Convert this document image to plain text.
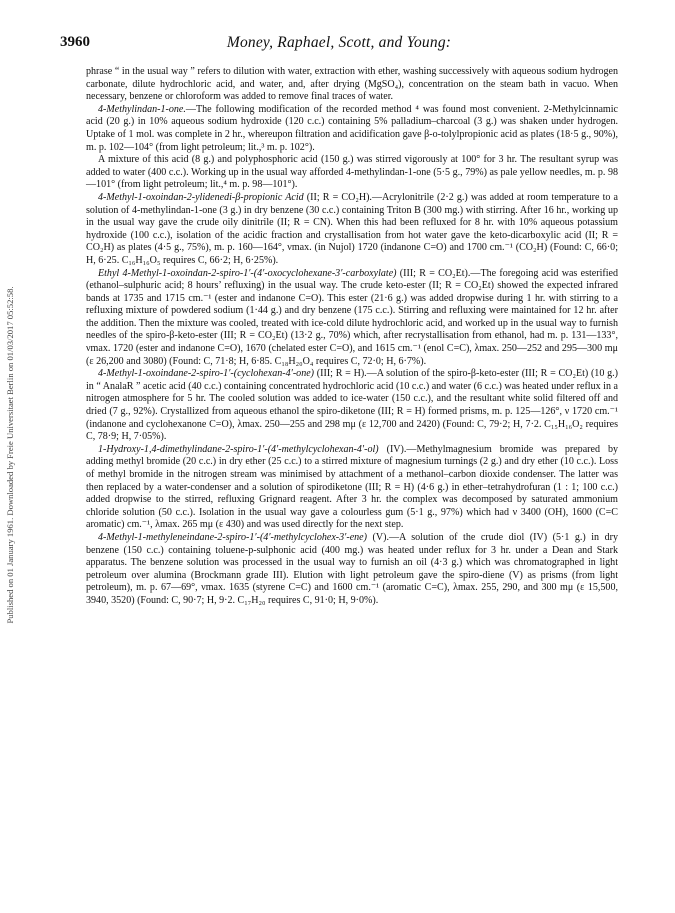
Published on 01 January 1961. Downloaded by Freie Universitaet Berlin on 01/03/2017 05:52:58.
3960	Money, Raphael, Scott, and Young:

phrase “ in the usual way ” refers to dilution with water, extraction with ether, washing successively with aqueous sodium hydrogen carbonate, dilute hydrochloric acid, and water, and, after drying (MgSO₄), concentration on the steam bath in vacuo. When necessary, benzene or chloroform was added to remove final traces of water.

4-Methylindan-1-one.—The following modification of the recorded method ⁴ was found most convenient. 2-Methylcinnamic acid (20 g.) in 10% aqueous sodium hydroxide (120 c.c.) containing 5% palladium–charcoal (3 g.) was shaken under hydrogen. Uptake of 1 mol. was complete in 2 hr., whereupon filtration and acidification gave β-o-tolylpropionic acid as plates (18·5 g., 90%), m. p. 102—104° (from light petroleum; lit.,³ m. p. 102°).

A mixture of this acid (8 g.) and polyphosphoric acid (150 g.) was stirred vigorously at 100° for 3 hr. The resultant syrup was added to water (400 c.c.). Working up in the usual way afforded 4-methylindan-1-one (5·5 g., 79%) as pale yellow needles, m. p. 98—101° (from light petroleum; lit.,⁴ m. p. 98—101°).

4-Methyl-1-oxoindan-2-ylidenedi-β-propionic Acid (II; R = CO₂H).—Acrylonitrile (2·2 g.) was added at room temperature to a solution of 4-methylindan-1-one (3 g.) in dry benzene (30 c.c.) containing Triton B (300 mg.) with stirring. After 16 hr., working up in the usual way gave the crude oily dinitrile (II; R = CN). When this had been refluxed for 8 hr. with 10% aqueous potassium hydroxide (100 c.c.), isolation of the acidic fraction and crystallisation from hot water gave the keto-dicarboxylic acid (II; R = CO₂H) as plates (4·5 g., 75%), m. p. 160—164°, νmax. (in Nujol) 1720 (indanone C=O) and 1700 cm.⁻¹ (CO₂H) (Found: C, 66·0; H, 6·25. C₁₆H₁₆O₅ requires C, 66·2; H, 6·25%).

Ethyl 4-Methyl-1-oxoindan-2-spiro-1′-(4′-oxocyclohexane-3′-carboxylate) (III; R = CO₂Et).—The foregoing acid was esterified (ethanol–sulphuric acid; 8 hours’ refluxing) in the usual way. The crude keto-ester (II; R = CO₂Et) showed the expected infrared bands at 1735 and 1715 cm.⁻¹ (ester and indanone C=O). This ester (21·6 g.) was added dropwise during 1 hr. with stirring to a refluxing mixture of powdered sodium (1·44 g.) and dry benzene (175 c.c.). Stirring and refluxing were maintained for 12 hr. after the addition. Then the mixture was cooled, treated with ice-cold dilute hydrochloric acid, and worked up in the usual way to furnish needles of the spiro-β-keto-ester (III; R = CO₂Et) (13·2 g., 70%) which, after recrystallisation from ethanol, had m. p. 131—133°, νmax. 1720 (ester and indanone C=O), 1670 (chelated ester C=O), and 1615 cm.⁻¹ (enol C=C), λmax. 250—252 and 295—300 mμ (ε 26,200 and 3080) (Found: C, 71·8; H, 6·85. C₁₈H₂₀O₄ requires C, 72·0; H, 6·7%).

4-Methyl-1-oxoindane-2-spiro-1′-(cyclohexan-4′-one) (III; R = H).—A solution of the spiro-β-keto-ester (III; R = CO₂Et) (10 g.) in “ AnalaR ” acetic acid (40 c.c.) containing concentrated hydrochloric acid (10 c.c.) and water (6 c.c.) was heated under reflux in a nitrogen atmosphere for 5 hr. The cooled solution was added to ice-water (150 c.c.), and the resultant white solid filtered off and dried (7 g., 92%). Crystallized from aqueous ethanol the spiro-diketone (III; R = H) formed prisms, m. p. 125—126°, ν 1720 cm.⁻¹ (indanone and cyclohexanone C=O), λmax. 250—255 and 298 mμ (ε 12,700 and 2420) (Found: C, 79·2; H, 7·2. C₁₅H₁₆O₂ requires C, 78·9; H, 7·05%).

1-Hydroxy-1,4-dimethylindane-2-spiro-1′-(4′-methylcyclohexan-4′-ol) (IV).—Methylmagnesium bromide was prepared by adding methyl bromide (20 c.c.) in dry ether (25 c.c.) to a stirred mixture of magnesium turnings (2 g.) and dry ether (10 c.c.). Loss of methyl bromide in the nitrogen stream was minimised by attachment of a methanol–carbon dioxide condenser. The latter was then replaced by a water-condenser and a solution of spirodiketone (III; R = H) (4·6 g.) in ether–tetrahydrofuran (1 : 1; 100 c.c.) added dropwise to the stirred, refluxing Grignard reagent. After 3 hr. the complex was decomposed by saturated ammonium chloride solution (50 c.c.). Isolation in the usual way gave a colourless gum (5·1 g., 97%) which had ν 3400 (OH), 1600 (C=C aromatic) cm.⁻¹, λmax. 265 mμ (ε 430) and was used directly for the next step.

4-Methyl-1-methyleneindane-2-spiro-1′-(4′-methylcyclohex-3′-ene) (V).—A solution of the crude diol (IV) (5·1 g.) in dry benzene (150 c.c.) containing toluene-p-sulphonic acid (400 mg.) was heated under reflux for 3 hr. under a Dean and Stark apparatus. The benzene solution was processed in the usual way to furnish an oil (4·3 g.) which was chromatographed in light petroleum over alumina (Brockmann grade III). Elution with light petroleum gave the spiro-diene (V) as prisms (from light petroleum), m. p. 67—69°, νmax. 1635 (styrene C=C) and 1600 cm.⁻¹ (aromatic C=C), λmax. 255, 290, and 300 mμ (ε 15,500, 3940, 3520) (Found: C, 90·7; H, 9·2. C₁₇H₂₀ requires C, 91·0; H, 9·0%).
